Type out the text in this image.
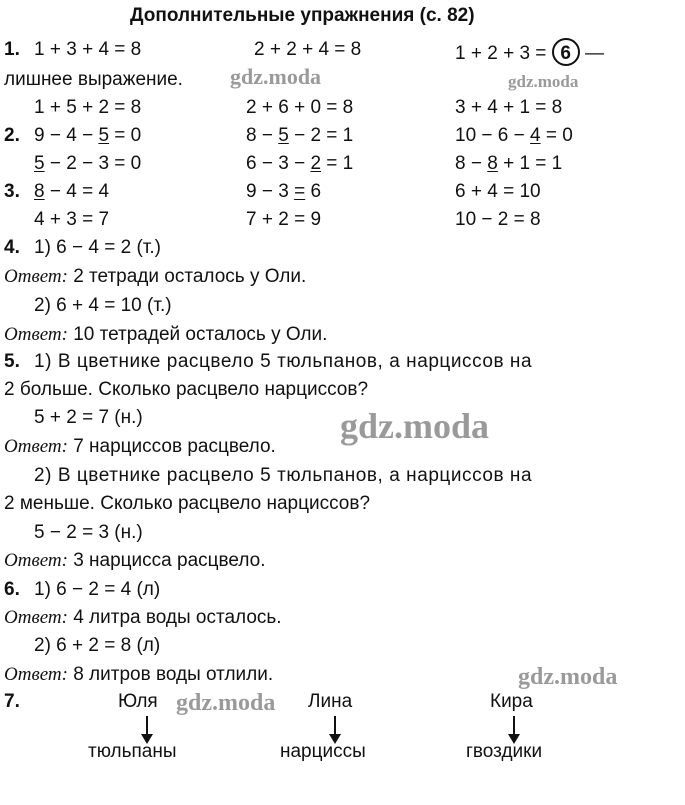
Дополнительные упражнения (с. 82)
1. 1 + 3 + 4 = 8	2 + 2 + 4 = 8	1 + 2 + 3 = 6 —
лишнее выражение.
1 + 5 + 2 = 8	2 + 6 + 0 = 8	3 + 4 + 1 = 8
2. 9 − 4 − 5 = 0	8 − 5 − 2 = 1	10 − 6 − 4 = 0
5 − 2 − 3 = 0	6 − 3 − 2 = 1	8 − 8 + 1 = 1
3. 8 − 4 = 4	9 − 3 = 6	6 + 4 = 10
4 + 3 = 7	7 + 2 = 9	10 − 2 = 8
4. 1) 6 − 4 = 2 (т.)
Ответ: 2 тетради осталось у Оли.
2) 6 + 4 = 10 (т.)
Ответ: 10 тетрадей осталось у Оли.
5. 1) В цветнике расцвело 5 тюльпанов, а нарциссов на
2 больше. Сколько расцвело нарциссов?
5 + 2 = 7 (н.)
Ответ: 7 нарциссов расцвело.
2) В цветнике расцвело 5 тюльпанов, а нарциссов на
2 меньше. Сколько расцвело нарциссов?
5 − 2 = 3 (н.)
Ответ: 3 нарцисса расцвело.
6. 1) 6 − 2 = 4 (л)
Ответ: 4 литра воды осталось.
2) 6 + 2 = 8 (л)
Ответ: 8 литров воды отлили.
7.	Юля	Лина	Кира
тюльпаны	нарциссы	гвоздики
gdz.moda	gdz.moda
gdz.moda
gdz.moda
gdz.moda
